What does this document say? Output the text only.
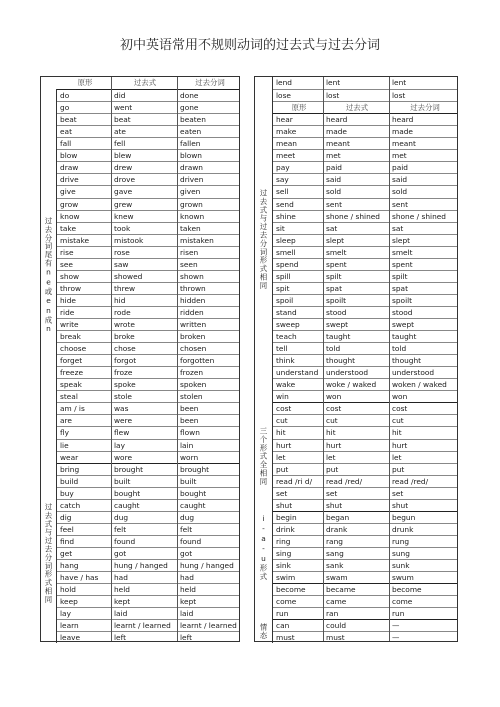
初中英语常用不规则动词的过去式与过去分词
原形	过去式	过去分词
do	did	done
go	went	gone
beat	beat	beaten
eat	ate	eaten
fall	fell	fallen
blow	blew	blown
draw	drew	drawn
drive	drove	driven
give	gave	given
grow	grew	grown
know	knew	known
take	took	taken
mistake	mistook	mistaken
rise	rose	risen
see	saw	seen
show	showed	shown
throw	threw	thrown
hide	hid	hidden
ride	rode	ridden
write	wrote	written
break	broke	broken
choose	chose	chosen
forget	forgot	forgotten
freeze	froze	frozen
speak	spoke	spoken
steal	stole	stolen
am / is	was	been
are	were	been
fly	flew	flown
lie	lay	lain
wear	wore	worn
过去分词尾有ne或en成n
bring	brought	brought
build	built	built
buy	bought	bought
catch	caught	caught
dig	dug	dug
feel	felt	felt
find	found	found
get	got	got
hang	hung / hanged	hung / hanged
have / has	had	had
hold	held	held
keep	kept	kept
lay	laid	laid
learn	learnt / learned	learnt / learned
leave	left	left
过去式与过去分词形式相同
lend	lent	lent
lose	lost	lost
原形	过去式	过去分词
hear	heard	heard
make	made	made
mean	meant	meant
meet	met	met
pay	paid	paid
say	said	said
sell	sold	sold
send	sent	sent
shine	shone / shined	shone / shined
sit	sat	sat
sleep	slept	slept
smell	smelt	smelt
spend	spent	spent
spill	spilt	spilt
spit	spat	spat
spoil	spoilt	spoilt
stand	stood	stood
sweep	swept	swept
teach	taught	taught
tell	told	told
think	thought	thought
understand	understood	understood
wake	woke / waked	woken / waked
win	won	won
过去式与过去分词形式相同
cost	cost	cost
cut	cut	cut
hit	hit	hit
hurt	hurt	hurt
let	let	let
put	put	put
read /ri d/	read /red/	read /red/
set	set	set
shut	shut	shut
三个形式全相同
begin	began	begun
drink	drank	drunk
ring	rang	rung
sing	sang	sung
sink	sank	sunk
swim	swam	swum
i-a-u形式
become	became	become
come	came	come
run	ran	run
can	could	—
must	must	—
情态
